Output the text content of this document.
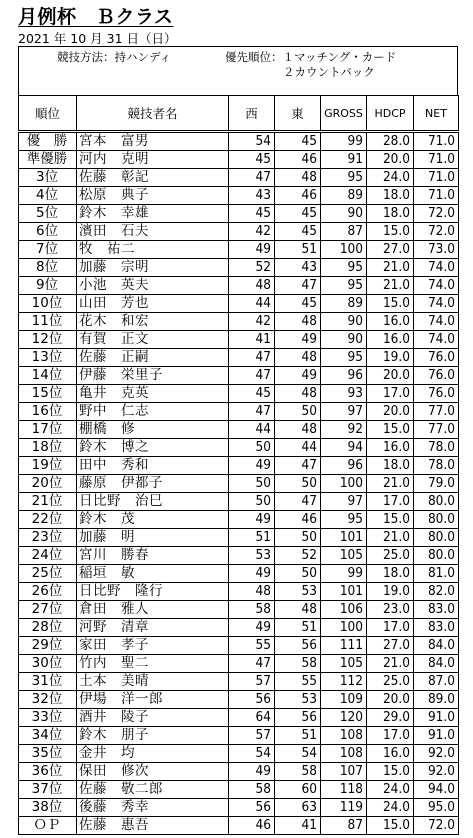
月例杯　Ｂクラス
2021 年 10 月 31 日（日）
競技方法：持ハンディ	優先順位：１マッチング・カード
２カウントバック
順位	競技者名	西	東	GROSS	HDCP	NET
優　勝	宮本　富男	54	45	99	28.0	71.0
準優勝	河内　克明	45	46	91	20.0	71.0
3位	佐藤　彰記	47	48	95	24.0	71.0
4位	松原　典子	43	46	89	18.0	71.0
5位	鈴木　幸雄	45	45	90	18.0	72.0
6位	濱田　石夫	42	45	87	15.0	72.0
7位	牧　祐二	49	51	100	27.0	73.0
8位	加藤　宗明	52	43	95	21.0	74.0
9位	小池　英夫	48	47	95	21.0	74.0
10位	山田　芳也	44	45	89	15.0	74.0
11位	花木　和宏	42	48	90	16.0	74.0
12位	有賀　正文	41	49	90	16.0	74.0
13位	佐藤　正嗣	47	48	95	19.0	76.0
14位	伊藤　栄里子	47	49	96	20.0	76.0
15位	亀井　克英	45	48	93	17.0	76.0
16位	野中　仁志	47	50	97	20.0	77.0
17位	棚橋　修	44	48	92	15.0	77.0
18位	鈴木　博之	50	44	94	16.0	78.0
19位	田中　秀和	49	47	96	18.0	78.0
20位	藤原　伊都子	50	50	100	21.0	79.0
21位	日比野　治巳	50	47	97	17.0	80.0
22位	鈴木　茂	49	46	95	15.0	80.0
23位	加藤　明	51	50	101	21.0	80.0
24位	宮川　勝春	53	52	105	25.0	80.0
25位	稲垣　敏	49	50	99	18.0	81.0
26位	日比野　隆行	48	53	101	19.0	82.0
27位	倉田　雅人	58	48	106	23.0	83.0
28位	河野　清章	49	51	100	17.0	83.0
29位	家田　孝子	55	56	111	27.0	84.0
30位	竹内　聖二	47	58	105	21.0	84.0
31位	土本　美晴	57	55	112	25.0	87.0
32位	伊場　洋一郎	56	53	109	20.0	89.0
33位	酒井　陵子	64	56	120	29.0	91.0
34位	鈴木　朋子	57	51	108	17.0	91.0
35位	金井　均	54	54	108	16.0	92.0
36位	保田　修次	49	58	107	15.0	92.0
37位	佐藤　敬二郎	58	60	118	24.0	94.0
38位	後藤　秀幸	56	63	119	24.0	95.0
ＯＰ	佐藤　惠吾	46	41	87	15.0	72.0
